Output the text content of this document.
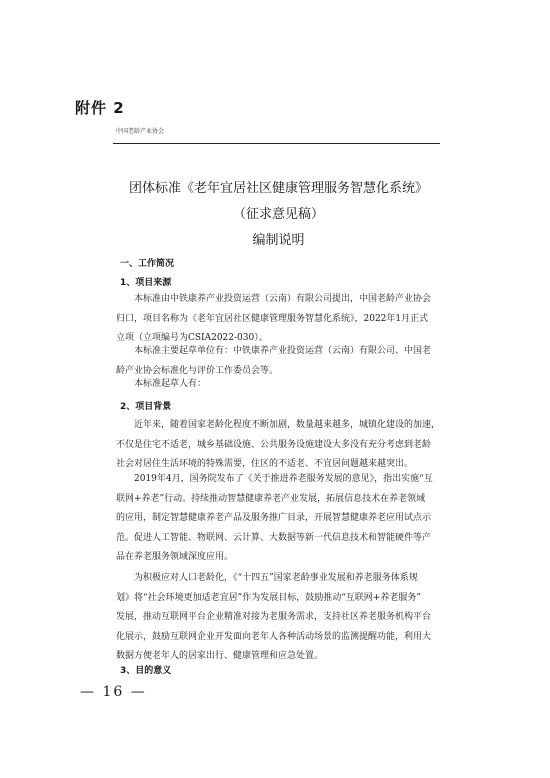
附件 2
中国老龄产业协会
团体标准《老年宜居社区健康管理服务智慧化系统》
（征求意见稿）
编制说明
一、工作简况
1、项目来源
本标准由中铁康养产业投资运营（云南）有限公司提出，中国老龄产业协会
归口，项目名称为《老年宜居社区健康管理服务智慧化系统》，2022年1月正式
立项（立项编号为CSIA2022-030）。
本标准主要起草单位有：中铁康养产业投资运营（云南）有限公司、中国老
龄产业协会标准化与评价工作委员会等。
本标准起草人有：
2、项目背景
近年来，随着国家老龄化程度不断加剧，数量越来越多，城镇化建设的加速，
不仅是住宅不适老，城乡基础设施、公共服务设施建设大多没有充分考虑到老龄
社会对居住生活环境的特殊需要，住区的不适老、不宜居问题越来越突出。
2019年4月，国务院发布了《关于推进养老服务发展的意见》，指出实施“互
联网+养老”行动。持续推动智慧健康养老产业发展，拓展信息技术在养老领域
的应用，制定智慧健康养老产品及服务推广目录，开展智慧健康养老应用试点示
范。促进人工智能、物联网、云计算、大数据等新一代信息技术和智能硬件等产
品在养老服务领域深度应用。
为积极应对人口老龄化，《“十四五”国家老龄事业发展和养老服务体系规
划》将“社会环境更加适老宜居”作为发展目标，鼓励推动“互联网+养老服务”
发展，推动互联网平台企业精准对接为老服务需求，支持社区养老服务机构平台
化展示，鼓励互联网企业开发面向老年人各种活动场景的监测提醒功能，利用大
数据方便老年人的居家出行、健康管理和应急处置。
3、目的意义
— 16 —
